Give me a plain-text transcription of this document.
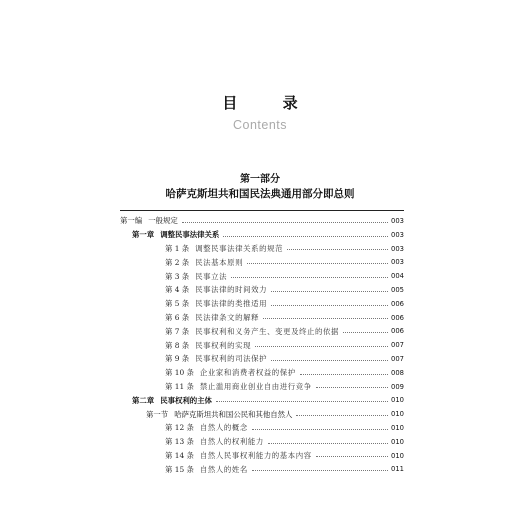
目 录
Contents
第一部分
哈萨克斯坦共和国民法典通用部分即总则
第一编 一般规定	003
第一章 调整民事法律关系	003
第 1 条 调整民事法律关系的规范	003
第 2 条 民法基本原则	003
第 3 条 民事立法	004
第 4 条 民事法律的时间效力	005
第 5 条 民事法律的类推适用	006
第 6 条 民法律条文的解释	006
第 7 条 民事权利和义务产生、变更及终止的依据	006
第 8 条 民事权利的实现	007
第 9 条 民事权利的司法保护	007
第 10 条 企业家和消费者权益的保护	008
第 11 条 禁止滥用商业创业自由进行竞争	009
第二章 民事权利的主体	010
第一节 哈萨克斯坦共和国公民和其他自然人	010
第 12 条 自然人的概念	010
第 13 条 自然人的权利能力	010
第 14 条 自然人民事权利能力的基本内容	010
第 15 条 自然人的姓名	011
